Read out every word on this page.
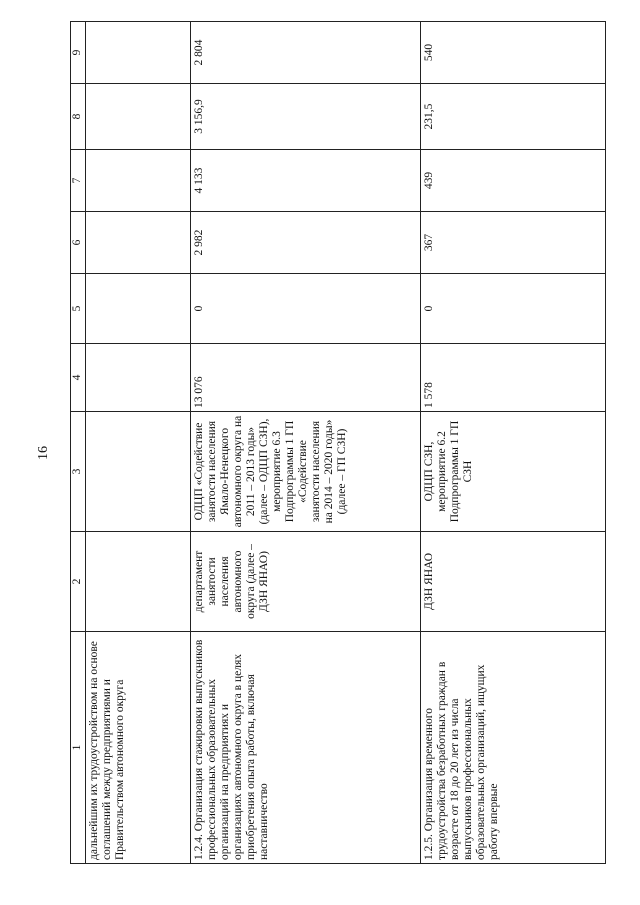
16
1	2	3	4	5	6	7	8	9
дальнейшим их трудоустройством на основе соглашений между предприятиями и Правительством автономного округа								
1.2.4. Организация стажировки выпускников профессиональных образовательных организаций на предприятиях и организациях автономного округа в целях приобретения опыта работы, включая наставничество	департамент занятости населения автономного округа (далее – ДЗН ЯНАО)	ОДЦП «Содействие занятости населения Ямало-Ненецкого автономного округа на 2011 – 2013 годы» (далее – ОДЦП СЗН), мероприятие 6.3 Подпрограммы 1 ГП «Содействие занятости населения на 2014 – 2020 годы» (далее – ГП СЗН)	13 076	0	2 982	4 133	3 156,9	2 804
1.2.5. Организация временного трудоустройства безработных граждан в возрасте от 18 до 20 лет из числа выпускников профессиональных образовательных организаций, ищущих работу впервые	ДЗН ЯНАО	ОДЦП СЗН, мероприятие 6.2 Подпрограммы 1 ГП СЗН	1 578	0	367	439	231,5	540
